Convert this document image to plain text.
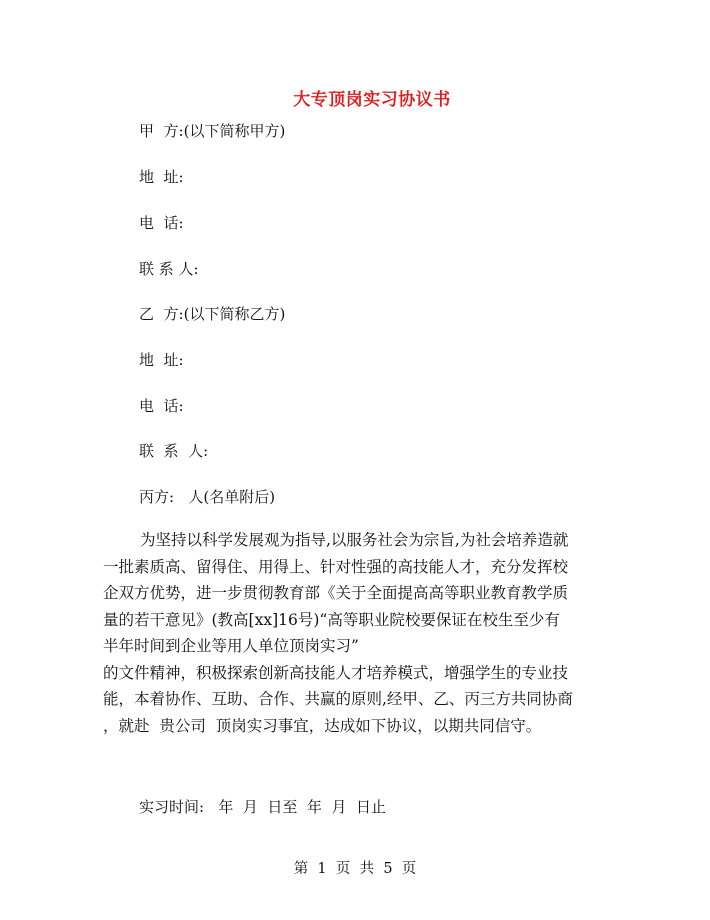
大专顶岗实习协议书
甲  方:(以下简称甲方)
地  址:
电  话:
联 系 人:
乙  方:(以下简称乙方)
地  址:
电  话:
联  系  人:
丙方:   人(名单附后)
为坚持以科学发展观为指导,以服务社会为宗旨,为社会培养造就
一批素质高、留得住、用得上、针对性强的高技能人才，充分发挥校
企双方优势，进一步贯彻教育部《关于全面提高高等职业教育教学质
量的若干意见》(教高[xx]16号)“高等职业院校要保证在校生至少有
半年时间到企业等用人单位顶岗实习”
的文件精神，积极探索创新高技能人才培养模式，增强学生的专业技
能，本着协作、互助、合作、共赢的原则,经甲、乙、丙三方共同协商
，就赴  贵公司  顶岗实习事宜，达成如下协议，以期共同信守。
实习时间:   年  月  日至  年  月  日止
第  1  页  共  5  页
